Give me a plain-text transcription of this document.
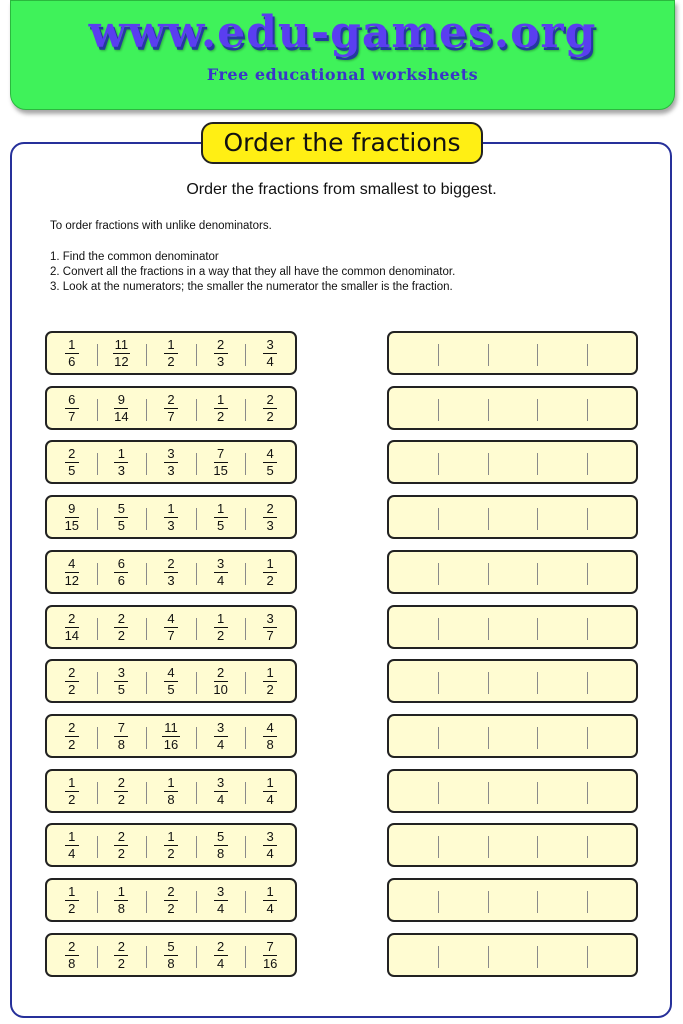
www.edu-games.org
Free educational worksheets
Order the fractions
Order the fractions from smallest to biggest.
To order fractions with unlike denominators.
1. Find the common denominator
2. Convert all the fractions in a way that they all have the common denominator.
3. Look at the numerators; the smaller the numerator the smaller is the fraction.
$\frac{1}{6}$	$\frac{11}{12}$	$\frac{1}{2}$	$\frac{2}{3}$	$\frac{3}{4}$
$\frac{6}{7}$	$\frac{9}{14}$	$\frac{2}{7}$	$\frac{1}{2}$	$\frac{2}{2}$
$\frac{2}{5}$	$\frac{1}{3}$	$\frac{3}{3}$	$\frac{7}{15}$	$\frac{4}{5}$
$\frac{9}{15}$	$\frac{5}{5}$	$\frac{1}{3}$	$\frac{1}{5}$	$\frac{2}{3}$
$\frac{4}{12}$	$\frac{6}{6}$	$\frac{2}{3}$	$\frac{3}{4}$	$\frac{1}{2}$
$\frac{2}{14}$	$\frac{2}{2}$	$\frac{4}{7}$	$\frac{1}{2}$	$\frac{3}{7}$
$\frac{2}{2}$	$\frac{3}{5}$	$\frac{4}{5}$	$\frac{2}{10}$	$\frac{1}{2}$
$\frac{2}{2}$	$\frac{7}{8}$	$\frac{11}{16}$	$\frac{3}{4}$	$\frac{4}{8}$
$\frac{1}{2}$	$\frac{2}{2}$	$\frac{1}{8}$	$\frac{3}{4}$	$\frac{1}{4}$
$\frac{1}{4}$	$\frac{2}{2}$	$\frac{1}{2}$	$\frac{5}{8}$	$\frac{3}{4}$
$\frac{1}{2}$	$\frac{1}{8}$	$\frac{2}{2}$	$\frac{3}{4}$	$\frac{1}{4}$
$\frac{2}{8}$	$\frac{2}{2}$	$\frac{5}{8}$	$\frac{2}{4}$	$\frac{7}{16}$
